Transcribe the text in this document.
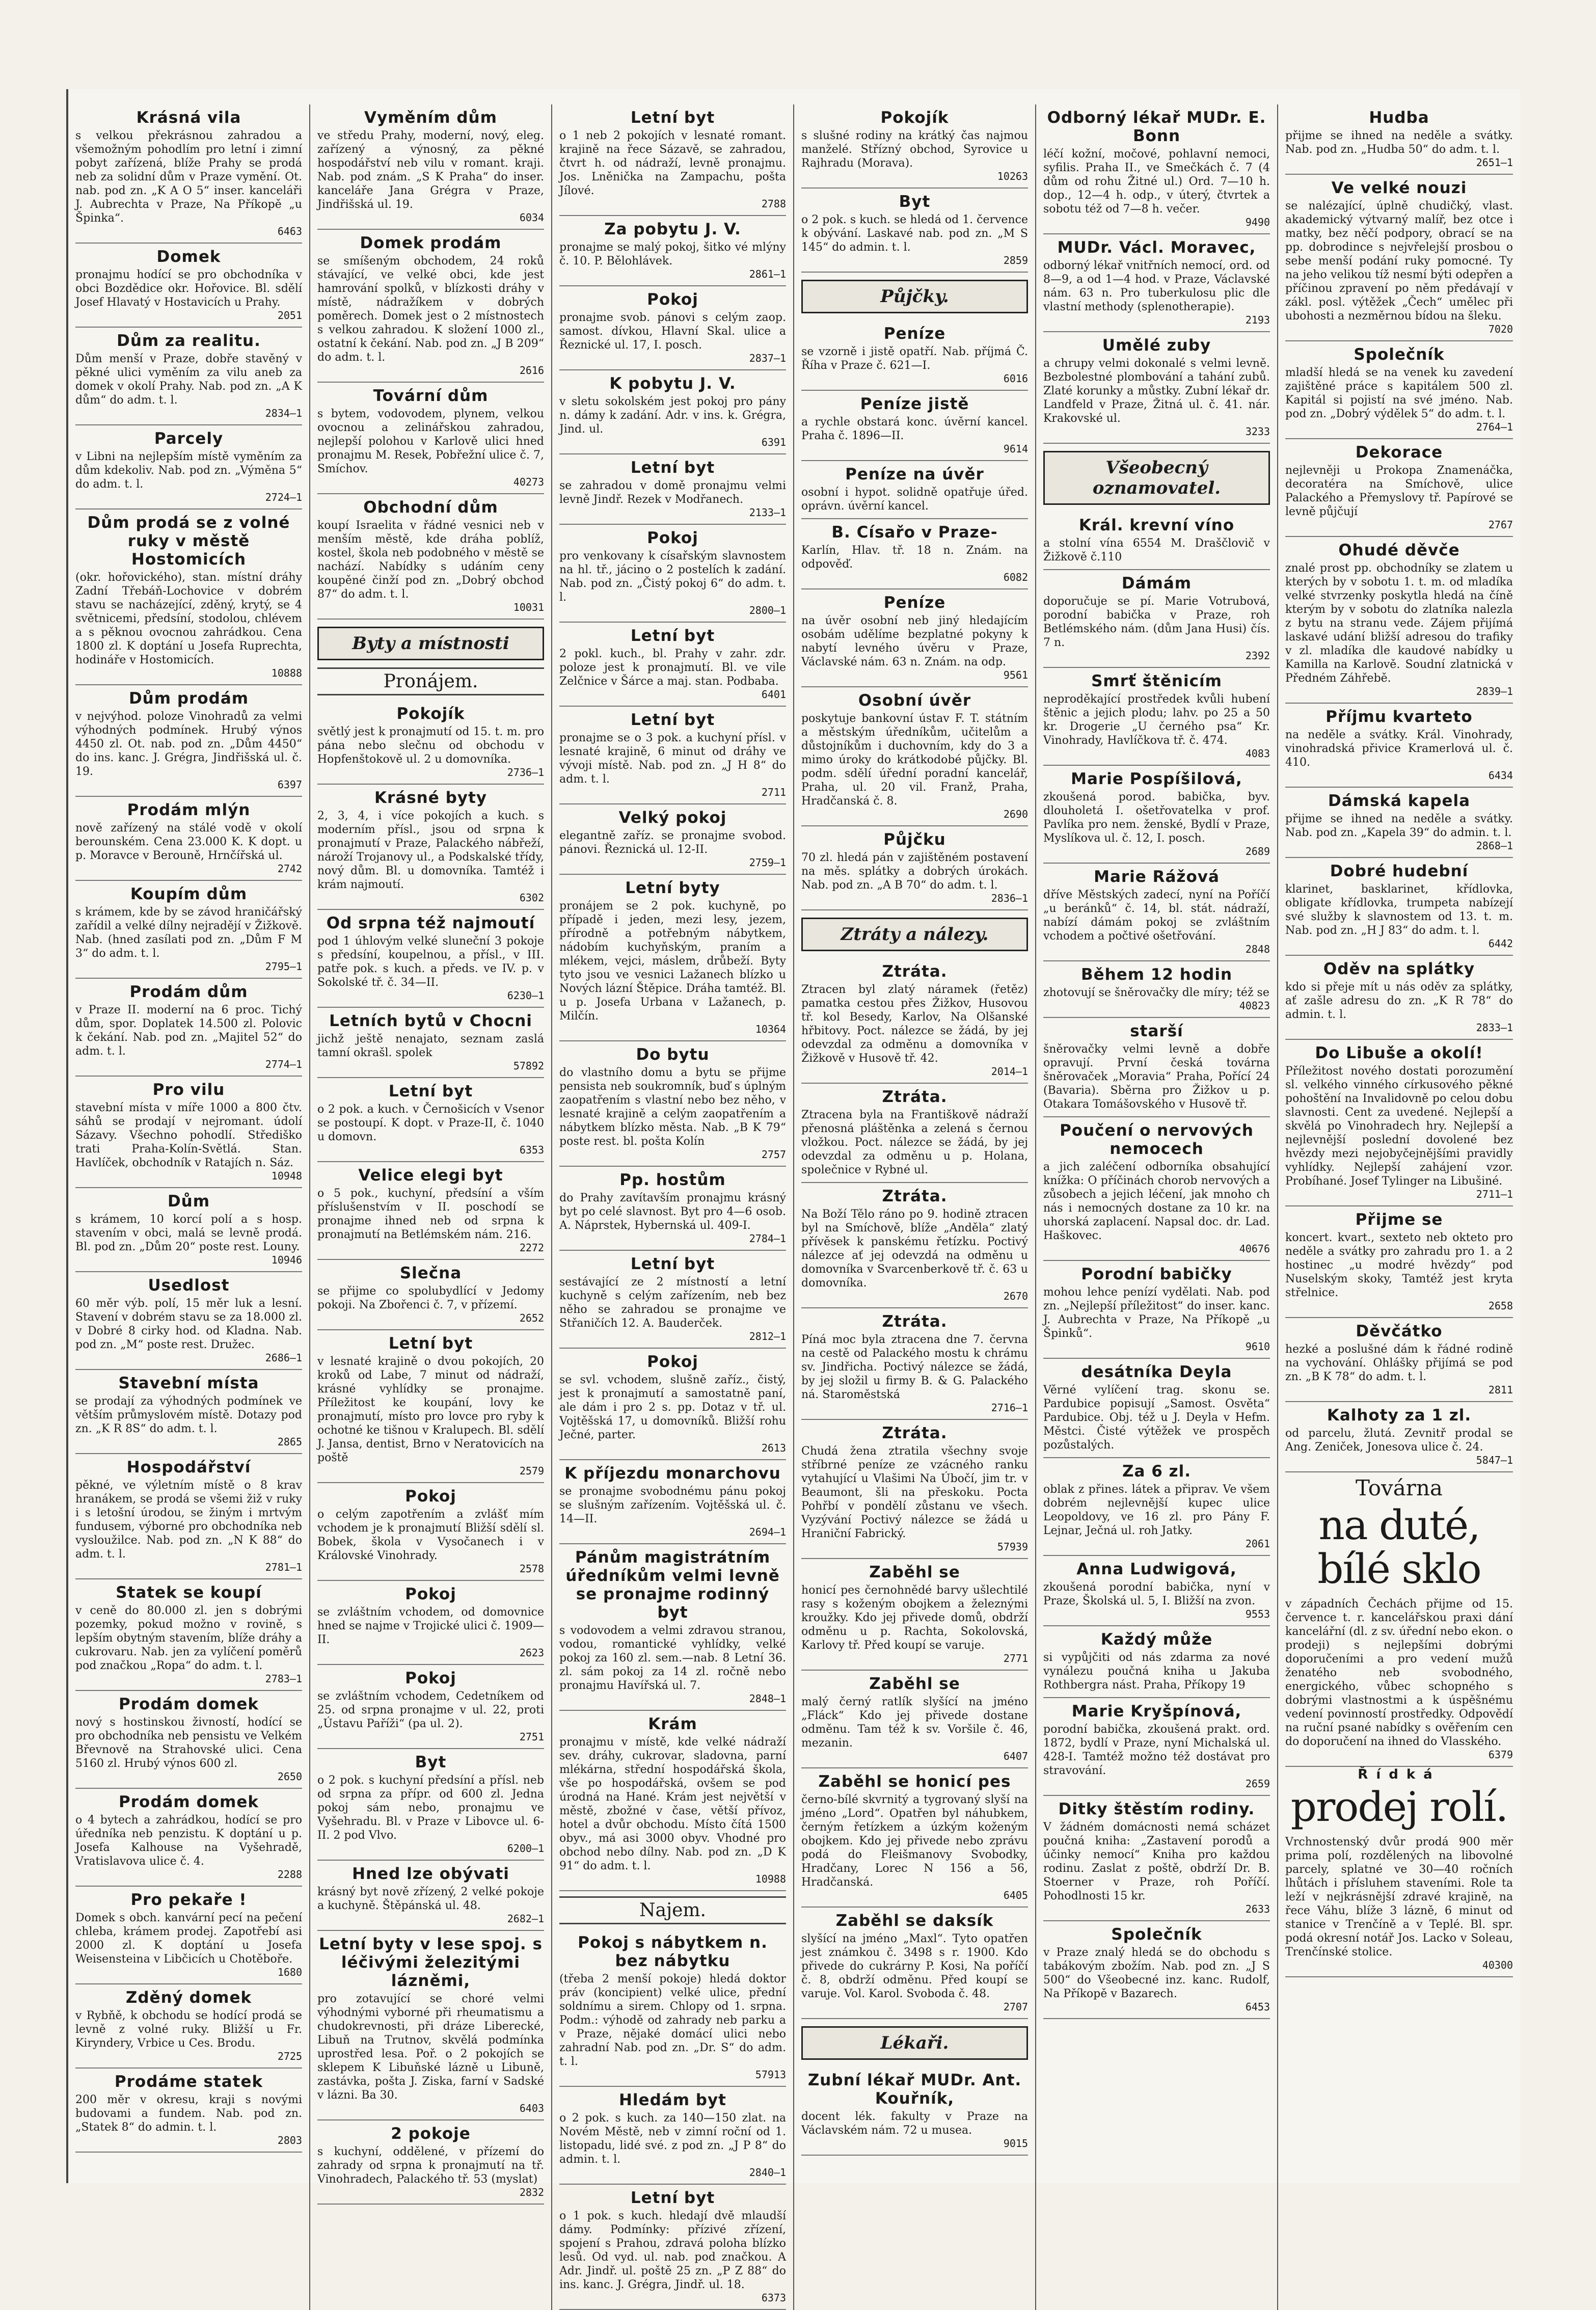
Krásná vila
s velkou překrásnou zahradou a všemožným pohodlím pro letní i zimní pobyt zařízená, blíže Prahy se prodá neb za solidní dům v Praze vymění. Ot. nab. pod zn. „K A O 5“ inser. kanceláři J. Aubrechta v Praze, Na Příkopě „u Špinka“.
6463
Domek
pronajmu hodící se pro obchodníka v obci Bozdědice okr. Hořovice. Bl. sdělí Josef Hlavatý v Hostavicích u Prahy.
2051
Dům za realitu.
Dům menší v Praze, dobře stavěný v pěkné ulici vyměním za vilu aneb za domek v okolí Prahy. Nab. pod zn. „A K dům“ do adm. t. l.
2834—1
Parcely
v Libni na nejlepším místě vyměním za dům kdekoliv. Nab. pod zn. „Výměna 5“ do adm. t. l.
2724—1
Dům prodá se z volné ruky v městě Hostomicích
(okr. hořovického), stan. místní dráhy Zadní Třebáň-Lochovice v dobrém stavu se nacházející, zděný, krytý, se 4 světnicemi, předsíní, stodolou, chlévem a s pěknou ovocnou zahrádkou. Cena 1800 zl. K doptání u Josefa Ruprechta, hodináře v Hostomicích.
10888
Dům prodám
v nejvýhod. poloze Vinohradů za velmi výhodných podmínek. Hrubý výnos 4450 zl. Ot. nab. pod zn. „Dům 4450“ do ins. kanc. J. Grégra, Jindřišská ul. č. 19.
6397
Prodám mlýn
nově zařízený na stálé vodě v okolí berounském. Cena 23.000 K. K dopt. u p. Moravce v Berouně, Hrnčířská ul.
2742
Koupím dům
s krámem, kde by se závod hraničářský zařídil a velké dílny nejradějí v Žižkově. Nab. (hned zasílati pod zn. „Dům F M 3“ do adm. t. l.
2795—1
Prodám dům
v Praze II. moderní na 6 proc. Tichý dům, spor. Doplatek 14.500 zl. Polovic k čekání. Nab. pod zn. „Majitel 52“ do adm. t. l.
2774—1
Pro vilu
stavební místa v míře 1000 a 800 čtv. sáhů se prodají v nejromant. údolí Sázavy. Všechno pohodlí. Střediško trati Praha-Kolín-Světlá. Stan. Havlíček, obchodník v Ratajích n. Sáz.
10948
Dům
s krámem, 10 korcí polí a s hosp. stavením v obci, malá se levně prodá. Bl. pod zn. „Dům 20“ poste rest. Louny.
10946
Usedlost
60 měr výb. polí, 15 měr luk a lesní. Stavení v dobrém stavu se za 18.000 zl. v Dobré 8 cirky hod. od Kladna. Nab. pod zn. „M“ poste rest. Družec.
2686—1
Stavební místa
se prodají za výhodných podmínek ve větším průmyslovém místě. Dotazy pod zn. „K R 8S“ do adm. t. l.
2865
Hospodářství
pěkné, ve výletním místě o 8 krav hranákem, se prodá se všemi žiž v ruky i s letošní úrodou, se žiným i mrtvým fundusem, výborné pro obchodníka neb vysloužilce. Nab. pod zn. „N K 88“ do adm. t. l.
2781—1
Statek se koupí
v ceně do 80.000 zl. jen s dobrými pozemky, pokud možno v rovině, s lepším obytným stavením, blíže dráhy a cukrovaru. Nab. jen za vylíčení poměrů pod značkou „Ropa“ do adm. t. l.
2783—1
Prodám domek
nový s hostinskou živností, hodící se pro obchodníka neb pensistu ve Velkém Břevnově na Strahovské ulici. Cena 5160 zl. Hrubý výnos 600 zl.
2650
Prodám domek
o 4 bytech a zahrádkou, hodící se pro úředníka neb penzistu. K doptání u p. Josefa Kalhouse na Vyšehradě, Vratislavova ulice č. 4.
2288
Pro pekaře !
Domek s obch. kanvární pecí na pečení chleba, krámem prodej. Zapotřebí asi 2000 zl. K doptání u Josefa Weisensteina v Libčicích u Chotěboře.
1680
Zděný domek
v Rybňě, k obchodu se hodící prodá se levně z volné ruky. Bližší u Fr. Kiryndery, Vrbice u Ces. Brodu.
2725
Prodáme statek
200 měr v okresu, kraji s novými budovami a fundem. Nab. pod zn. „Statek 8“ do admin. t. l.
2803
Vyměním dům
ve středu Prahy, moderní, nový, eleg. zařízený a výnosný, za pěkné hospodářství neb vilu v romant. kraji. Nab. pod znám. „S K Praha“ do inser. kanceláře Jana Grégra v Praze, Jindřišská ul. 19.
6034
Domek prodám
se smíšeným obchodem, 24 roků stávající, ve velké obci, kde jest hamrování spolků, v blízkosti dráhy v místě, nádražíkem v dobrých poměrech. Domek jest o 2 místnostech s velkou zahradou. K složení 1000 zl., ostatní k čekání. Nab. pod zn. „J B 209“ do adm. t. l.
2616
Tovární dům
s bytem, vodovodem, plynem, velkou ovocnou a zelinářskou zahradou, nejlepší polohou v Karlově ulici hned pronajmu M. Resek, Pobřežní ulice č. 7, Smíchov.
40273
Obchodní dům
koupí Israelita v řádné vesnici neb v menším městě, kde dráha poblíž, kostel, škola neb podobného v městě se nachází. Nabídky s udáním ceny koupěné činží pod zn. „Dobrý obchod 87“ do adm. t. l.
10031
Byty a místnosti
Pronájem.
Pokojík
světlý jest k pronajmutí od 15. t. m. pro pána nebo slečnu od obchodu v Hopfenštokově ul. 2 u domovníka.
2736—1
Krásné byty
2, 3, 4, i více pokojích a kuch. s moderním přísl., jsou od srpna k pronajmutí v Praze, Palackého nábřeží, nároží Trojanovy ul., a Podskalské třídy, nový dům. Bl. u domovníka. Tamtéž i krám najmoutí.
6302
Od srpna též najmoutí
pod 1 úhlovým velké sluneční 3 pokoje s předsíní, koupelnou, a přísl., v III. patře pok. s kuch. a předs. ve IV. p. v Sokolské tř. č. 34—II.
6230—1
Letních bytů v Chocni
jichž ještě nenajato, seznam zaslá tamní okrašl. spolek
57892
Letní byt
o 2 pok. a kuch. v Černošicích v Vsenor se postoupí. K dopt. v Praze-II, č. 1040 u domovn.
6353
Velice elegi byt
o 5 pok., kuchyní, předsíní a vším příslušenstvím v II. poschodí se pronajme ihned neb od srpna k pronajmutí na Betlémském nám. 216.
2272
Slečna
se přijme co spolubydlící v Jedomy pokoji. Na Zbořenci č. 7, v přízemí.
2652
Letní byt
v lesnaté krajině o dvou pokojích, 20 kroků od Labe, 7 minut od nádraží, krásné vyhlídky se pronajme. Příležitost ke koupání, lovy ke pronajmutí, místo pro lovce pro ryby k ochotné ke tišnou v Kralupech. Bl. sdělí J. Jansa, dentist, Brno v Neratovicích na poště
2579
Pokoj
o celým zapotřením a zvlášť mím vchodem je k pronajmutí Bližší sdělí sl. Bobek, škola v Vysočanech i v Královské Vinohrady.
2578
Pokoj
se zvláštním vchodem, od domovnice hned se najme v Trojické ulici č. 1909—II.
2623
Pokoj
se zvláštním vchodem, Cedetníkem od 25. od srpna pronajme v ul. 22, proti „Ústavu Paříži“ (pa ul. 2).
2751
Byt
o 2 pok. s kuchyní předsíní a přísl. neb od srpna za přípr. od 600 zl. Jedna pokoj sám nebo, pronajmu ve Vyšehradu. Bl. v Praze v Libovce ul. 6-II. 2 pod Vlvo.
6200—1
Hned lze obývati
krásný byt nově zřízený, 2 velké pokoje a kuchyně. Štěpánská ul. 48.
2682—1
Letní byty v lese spoj. s léčivými železitými lázněmi,
pro zotavující se choré velmi výhodnými vyborné při rheumatismu a chudokrevnosti, při dráze Liberecké, Libuň na Trutnov, skvělá podmínka uprostřed lesa. Poř. o 2 pokojích se sklepem K Libuňské lázně u Libuně, zastávka, pošta J. Ziska, farní v Sadské v lázni. Ba 30.
6403
2 pokoje
s kuchyní, oddělené, v přízemí do zahrady od srpna k pronajmutí na tř. Vinohradech, Palackého tř. 53 (myslat)
2832
Letní byt
o 1 neb 2 pokojích v lesnaté romant. krajině na řece Sázavě, se zahradou, čtvrt h. od nádraží, levně pronajmu. Jos. Lněnička na Zampachu, pošta Jílové.
2788
Za pobytu J. V.
pronajme se malý pokoj, šitko vé mlýny č. 10. P. Bělohlávek.
2861—1
Pokoj
pronajme svob. pánovi s celým zaop. samost. dívkou, Hlavní Skal. ulice a Řeznické ul. 17, I. posch.
2837—1
K pobytu J. V.
v sletu sokolském jest pokoj pro pány n. dámy k zadání. Adr. v ins. k. Grégra, Jind. ul.
6391
Letní byt
se zahradou v domě pronajmu velmi levně Jindř. Rezek v Modřanech.
2133—1
Pokoj
pro venkovany k císařským slavnostem na hl. tř., jácino o 2 postelích k zadání. Nab. pod zn. „Čistý pokoj 6“ do adm. t. l.
2800—1
Letní byt
2 pokl. kuch., bl. Prahy v zahr. zdr. poloze jest k pronajmutí. Bl. ve vile Zelčnice v Šárce a maj. stan. Podbaba.
6401
Letní byt
pronajme se o 3 pok. a kuchyní přísl. v lesnaté krajině, 6 minut od dráhy ve vývoji místě. Nab. pod zn. „J H 8“ do adm. t. l.
2711
Velký pokoj
elegantně zaříz. se pronajme svobod. pánovi. Řeznická ul. 12-II.
2759—1
Letní byty
pronájem se 2 pok. kuchyně, po případě i jeden, mezi lesy, jezem, přírodně a potřebným nábytkem, nádobím kuchyňským, praním a mlékem, vejci, máslem, drůbeží. Byty tyto jsou ve vesnici Lažanech blízko u Nových lázní Štěpice. Dráha tamtéž. Bl. u p. Josefa Urbana v Lažanech, p. Milčín.
10364
Do bytu
do vlastního domu a bytu se přijme pensista neb soukromník, buď s úplným zaopatřením s vlastní nebo bez něho, v lesnaté krajině a celým zaopatřením a nábytkem blízko města. Nab. „B K 79“ poste rest. bl. pošta Kolín
2757
Pp. hostům
do Prahy zavítavším pronajmu krásný byt po celé slavnost. Byt pro 4—6 osob. A. Náprstek, Hybernská ul. 409-I.
2784—1
Letní byt
sestávající ze 2 místností a letní kuchyně s celým zařízením, neb bez něho se zahradou se pronajme ve Střaničích 12. A. Bauderček.
2812—1
Pokoj
se svl. vchodem, slušně zaříz., čistý, jest k pronajmutí a samostatně paní, ale dám i pro 2 s. pp. Dotaz v tř. ul. Vojtěšská 17, u domovníků. Bližší rohu Ječné, parter.
2613
K příjezdu monarchovu
se pronajme svobodnému pánu pokoj se slušným zařízením. Vojtěšská ul. č. 14—II.
2694—1
Pánům magistrátním úředníkům velmi levně se pronajme rodinný byt
s vodovodem a velmi zdravou stranou, vodou, romantické vyhlídky, velké pokoj za 160 zl. sem.—nab. 8 Letní 36. zl. sám pokoj za 14 zl. ročně nebo pronajmu Havířská ul. 7.
2848—1
Krám
pronajmu v místě, kde velké nádraží sev. dráhy, cukrovar, sladovna, parní mlékárna, střední hospodářská škola, vše po hospodářská, ovšem se pod úrodná na Hané. Krám jest největší v městě, zbožné v čase, větší přívoz, hotel a dvůr obchodu. Místo čítá 1500 obyv., má asi 3000 obyv. Vhodné pro obchod nebo dílny. Nab. pod zn. „D K 91“ do adm. t. l.
10988
Najem.
Pokoj s nábytkem n. bez nábytku
(třeba 2 menší pokoje) hledá doktor práv (koncipient) velké ulice, přední soldnímu a sirem. Chlopy od 1. srpna. Podm.: výhodě od zahrady neb parku a v Praze, nějaké domácí ulici nebo zahradní Nab. pod zn. „Dr. S“ do adm. t. l.
57913
Hledám byt
o 2 pok. s kuch. za 140—150 zlat. na Novém Městě, neb v zimní roční od 1. listopadu, lidé své. z pod zn. „J P 8“ do admin. t. l.
2840—1
Letní byt
o 1 pok. s kuch. hledají dvě mlaudší dámy. Podmínky: přízivé zřízení, spojení s Prahou, zdravá poloha blízko lesů. Od vyd. ul. nab. pod značkou. A Adr. Jindř. ul. poště 25 zn. „P Z 88“ do ins. kanc. J. Grégra, Jindř. ul. 18.
6373
Pokojík
s slušné rodiny na krátký čas najmou manželé. Střízný obchod, Syrovice u Rajhradu (Morava).
10263
Byt
o 2 pok. s kuch. se hledá od 1. července k obývání. Laskavé nab. pod zn. „M S 145“ do admin. t. l.
2859
Půjčky.
Peníze
se vzorně i jistě opatří. Nab. příjmá Č. Říha v Praze č. 621—I.
6016
Peníze jistě
a rychle obstará konc. úvěrní kancel. Praha č. 1896—II.
9614
Peníze na úvěr
osobní i hypot. solidně opatřuje úřed. oprávn. úvěrní kancel.
B. Císařo v Praze-
Karlín, Hlav. tř. 18 n. Znám. na odpověď.
6082
Peníze
na úvěr osobní neb jiný hledajícím osobám udělíme bezplatné pokyny k nabytí levného úvěru v Praze, Václavské nám. 63 n. Znám. na odp.
9561
Osobní úvěr
poskytuje bankovní ústav F. T. státním a městským úředníkům, učitelům a důstojníkům i duchovním, kdy do 3 a mimo úroky do krátkodobé půjčky. Bl. podm. sdělí úřední poradní kancelář, Praha, ul. 20 vil. Franž, Praha, Hradčanská č. 8.
2690
Půjčku
70 zl. hledá pán v zajištěném postavení na měs. splátky a dobrých úrokách. Nab. pod zn. „A B 70“ do adm. t. l.
2836—1
Ztráty a nálezy.
Ztráta.
Ztracen byl zlatý náramek (řetěz) pamatka cestou přes Žižkov, Husovou tř. kol Besedy, Karlov, Na Olšanské hřbitovy. Poct. nálezce se žádá, by jej odevzdal za odměnu a domovníka v Žižkově v Husově tř. 42.
2014—1
Ztráta.
Ztracena byla na Františkově nádraží přenosná pláštěnka a zelená s černou vložkou. Poct. nálezce se žádá, by jej odevzdal za odměnu u p. Holana, společnice v Rybné ul.
Ztráta.
Na Boží Tělo ráno po 9. hodině ztracen byl na Smíchově, blíže „Anděla“ zlatý přívěsek k panskému řetízku. Poctivý nálezce ať jej odevzdá na odměnu u domovníka v Svarcenberkově tř. č. 63 u domovníka.
2670
Ztráta.
Píná moc byla ztracena dne 7. června na cestě od Palackého mostu k chrámu sv. Jindřicha. Poctivý nálezce se žádá, by jej složil u firmy B. & G. Palackého ná. Staroměstská
2716—1
Ztráta.
Chudá žena ztratila všechny svoje stříbrné peníze ze vzácného ranku vytahující u Vlašimi Na Úbočí, jim tr. v Beaumont, šli na přeskoku. Pocta Pohřbí v pondělí zůstanu ve všech. Vyzývání Poctivý nálezce se žádá u Hraniční Fabrický.
57939
Zaběhl se
honicí pes černohnědé barvy ušlechtilé rasy s koženým obojkem a železnými kroužky. Kdo jej přivede domů, obdrží odměnu u p. Rachta, Sokolovská, Karlovy tř. Před koupí se varuje.
2771
Zaběhl se
malý černý ratlík slyšící na jméno „Fláck“ Kdo jej přivede dostane odměnu. Tam též k sv. Voršile č. 46, mezanin.
6407
Zaběhl se honicí pes
černo-bílé skvrnitý a tygrovaný slyší na jméno „Lord“. Opatřen byl náhubkem, černým řetízkem a úzkým koženým obojkem. Kdo jej přivede nebo zprávu podá do Fleišmanovy Svobodky, Hradčany, Lorec N 156 a 56, Hradčanská.
6405
Zaběhl se daksík
slyšící na jméno „Maxl“. Tyto opatřen jest známkou č. 3498 s r. 1900. Kdo přivede do cukrárny P. Kosi, Na poříčí č. 8, obdrží odměnu. Před koupí se varuje. Vol. Karol. Svoboda č. 48.
2707
Lékaři.
Zubní lékař MUDr. Ant. Kouřník,
docent lék. fakulty v Praze na Václavském nám. 72 u musea.
9015
Odborný lékař MUDr. E. Bonn
léčí kožní, močové, pohlavní nemoci, syfilis. Praha II., ve Smečkách č. 7 (4 dům od rohu Žitné ul.) Ord. 7—10 h. dop., 12—4 h. odp., v úterý, čtvrtek a sobotu též od 7—8 h. večer.
9490
MUDr. Václ. Moravec,
odborný lékař vnitřních nemocí, ord. od 8—9, a od 1—4 hod. v Praze, Václavské nám. 63 n. Pro tuberkulosu plic dle vlastní methody (splenotherapie).
2193
Umělé zuby
a chrupy velmi dokonalé s velmi levně. Bezbolestné plombování a tahání zubů. Zlaté korunky a můstky. Zubní lékař dr. Landfeld v Praze, Žitná ul. č. 41. nár. Krakovské ul.
3233
Všeobecný oznamovatel.
Král. krevní víno
a stolní vína 6554 M. Draščlovič v Žižkově č.110
Dámám
doporučuje se pí. Marie Votrubová, porodní babička v Praze, roh Betlémského nám. (dům Jana Husi) čís. 7 n.
2392
Smrť štěnicím
neproděkající prostředek kvůli hubení štěnic a jejich plodu; lahv. po 25 a 50 kr. Drogerie „U černého psa“ Kr. Vinohrady, Havlíčkova tř. č. 474.
4083
Marie Pospíšilová,
zkoušená porod. babička, byv. dlouholetá I. ošetřovatelka v prof. Pavlíka pro nem. ženské, Bydlí v Praze, Myslíkova ul. č. 12, I. posch.
2689
Marie Rážová
dříve Městských zadecí, nyní na Poříčí „u beránků“ č. 14, bl. stát. nádraží, nabízí dámám pokoj se zvláštním vchodem a počtivé ošetřování.
2848
Během 12 hodin
zhotovují se šněrovačky dle míry; též se
40823
starší
šněrovačky velmi levně a dobře opravují. První česká továrna šněrovaček „Moravia“ Praha, Pořící 24 (Bavaria). Sběrna pro Žižkov u p. Otakara Tomášovského v Husově tř.
Poučení o nervových nemocech
a jich zaléčení odborníka obsahující knížka: O příčinách chorob nervových a zůsobech a jejich léčení, jak mnoho ch nás i nemocných dostane za 10 kr. na uhorská zaplacení. Napsal doc. dr. Lad. Haškovec.
40676
Porodní babičky
mohou lehce penízí vydělati. Nab. pod zn. „Nejlepší příležitost“ do inser. kanc. J. Aubrechta v Praze, Na Příkopě „u Špinků“.
9610
desátníka Deyla
Věrné vylíčení trag. skonu se. Pardubice popisují „Samost. Osvěta“ Pardubice. Obj. též u J. Deyla v Hefm. Městci. Čisté výtěžek ve prospěch pozůstalých.
Za 6 zl.
oblak z přines. látek a připrav. Ve všem dobrém nejlevnější kupec ulice Leopoldovy, ve 16 zl. pro Pány F. Lejnar, Ječná ul. roh Jatky.
2061
Anna Ludwigová,
zkoušená porodní babička, nyní v Praze, Školská ul. 5, I. Bližší na zvon.
9553
Každý může
si vypůjčiti od nás zdarma za nové vynálezu poučná kniha u Jakuba Rothbergra nást. Praha, Příkopy 19
Marie Kryšpínová,
porodní babička, zkoušená prakt. ord. 1872, bydlí v Praze, nyní Michalská ul. 428-I. Tamtéž možno též dostávat pro stravování.
2659
Ditky štěstím rodiny.
V žádném domácnosti nemá scházet poučná kniha: „Zastavení porodů a účinky nemocí“ Kniha pro každou rodinu. Zaslat z poště, obdrží Dr. B. Stoerner v Praze, roh Poříčí. Pohodlnosti 15 kr.
2633
Společník
v Praze znalý hledá se do obchodu s tabákovým zbožím. Nab. pod zn. „J S 500“ do Všeobecné inz. kanc. Rudolf, Na Příkopě v Bazarech.
6453
Hudba
přijme se ihned na neděle a svátky. Nab. pod zn. „Hudba 50“ do adm. t. l.
2651—1
Ve velké nouzi
se nalézající, úplně chudičký, vlast. akademický výtvarný malíř, bez otce i matky, bez něčí podpory, obrací se na pp. dobrodince s nejvřelejší prosbou o sebe menší podání ruky pomocné. Ty na jeho velikou tíž nesmí býti odepřen a příčinou zpravení po něm předávají v zákl. posl. výtěžek „Čech“ umělec při ubohosti a nezměrnou bídou na šleku.
7020
Společník
mladší hledá se na venek ku zavedení zajištěné práce s kapitálem 500 zl. Kapitál si pojistí na své jméno. Nab. pod zn. „Dobrý výdělek 5“ do adm. t. l.
2764—1
Dekorace
nejlevněji u Prokopa Znamenáčka, decoratéra na Smíchově, ulice Palackého a Přemyslovy tř. Papírové se levně půjčují
2767
Ohudé děvče
znalé prost pp. obchodníky se zlatem u kterých by v sobotu 1. t. m. od mladíka velké stvrzenky poskytla hledá na číně kterým by v sobotu do zlatníka nalezla z bytu na stranu vede. Zájem přijímá laskavé udání bližší adresou do trafiky v zl. mladíka dle kaudové nabídky u Kamilla na Karlově. Soudní zlatnická v Předném Záhřebě.
2839—1
Příjmu kvarteto
na neděle a svátky. Král. Vinohrady, vinohradská přivice Kramerlová ul. č. 410.
6434
Dámská kapela
přijme se ihned na neděle a svátky. Nab. pod zn. „Kapela 39“ do admin. t. l.
2868—1
Dobré hudební
klarinet, basklarinet, křídlovka, obligate křídlovka, trumpeta nabízejí své služby k slavnostem od 13. t. m. Nab. pod zn. „H J 83“ do adm. t. l.
6442
Oděv na splátky
kdo si přeje mít u nás oděv za splátky, ať zašle adresu do zn. „K R 78“ do admin. t. l.
2833—1
Do Libuše a okolí!
Příležitost nového dostati porozumění sl. velkého vinného církusového pěkné pohoštění na Invalidovně po celou dobu slavnosti. Cent za uvedené. Nejlepší a skvělá po Vinohradech hry. Nejlepší a nejlevnější poslední dovolené bez hvězdy mezi nejobyčejnějšími pravidly vyhlídky. Nejlepší zahájení vzor. Probíhané. Josef Tylinger na Libušiné.
2711—1
Přijme se
koncert. kvart., sexteto neb okteto pro neděle a svátky pro zahradu pro 1. a 2 hostinec „u modré hvězdy“ pod Nuselským skoky, Tamtéž jest kryta střelnice.
2658
Děvčátko
hezké a poslušné dám k řádné rodině na vychování. Ohlášky přijímá se pod zn. „B K 78“ do adm. t. l.
2811
Kalhoty za 1 zl.
od parcelu, žlutá. Zevnitř prodal se Ang. Zeniček, Jonesova ulice č. 24.
5847—1
Továrna
na duté, bílé sklo
v západních Čechách přijme od 15. července t. r. kancelářskou praxi dání kancelářní (dl. z sv. úřední nebo ekon. o prodeji) s nejlepšími dobrými doporučeními a pro vedení mužů ženatého neb svobodného, energického, vůbec schopného s dobrými vlastnostmi a k úspěšnému vedení povinností prostředky. Odpovědí na ruční psané nabídky s ověřením cen do doporučení na ihned do Vlasského.
6379
Řídká
prodej rolí.
Vrchnostenský dvůr prodá 900 měr prima polí, rozdělených na libovolné parcely, splatné ve 30—40 ročních lhůtách i přísluhem staveními. Role ta leží v nejkrásnější zdravé krajině, na řece Váhu, blíže 3 lázně, 6 minut od stanice v Trenčíně a v Teplé. Bl. spr. podá okresní notář Jos. Lacko v Soleau, Trenčínské stolice.
40300
